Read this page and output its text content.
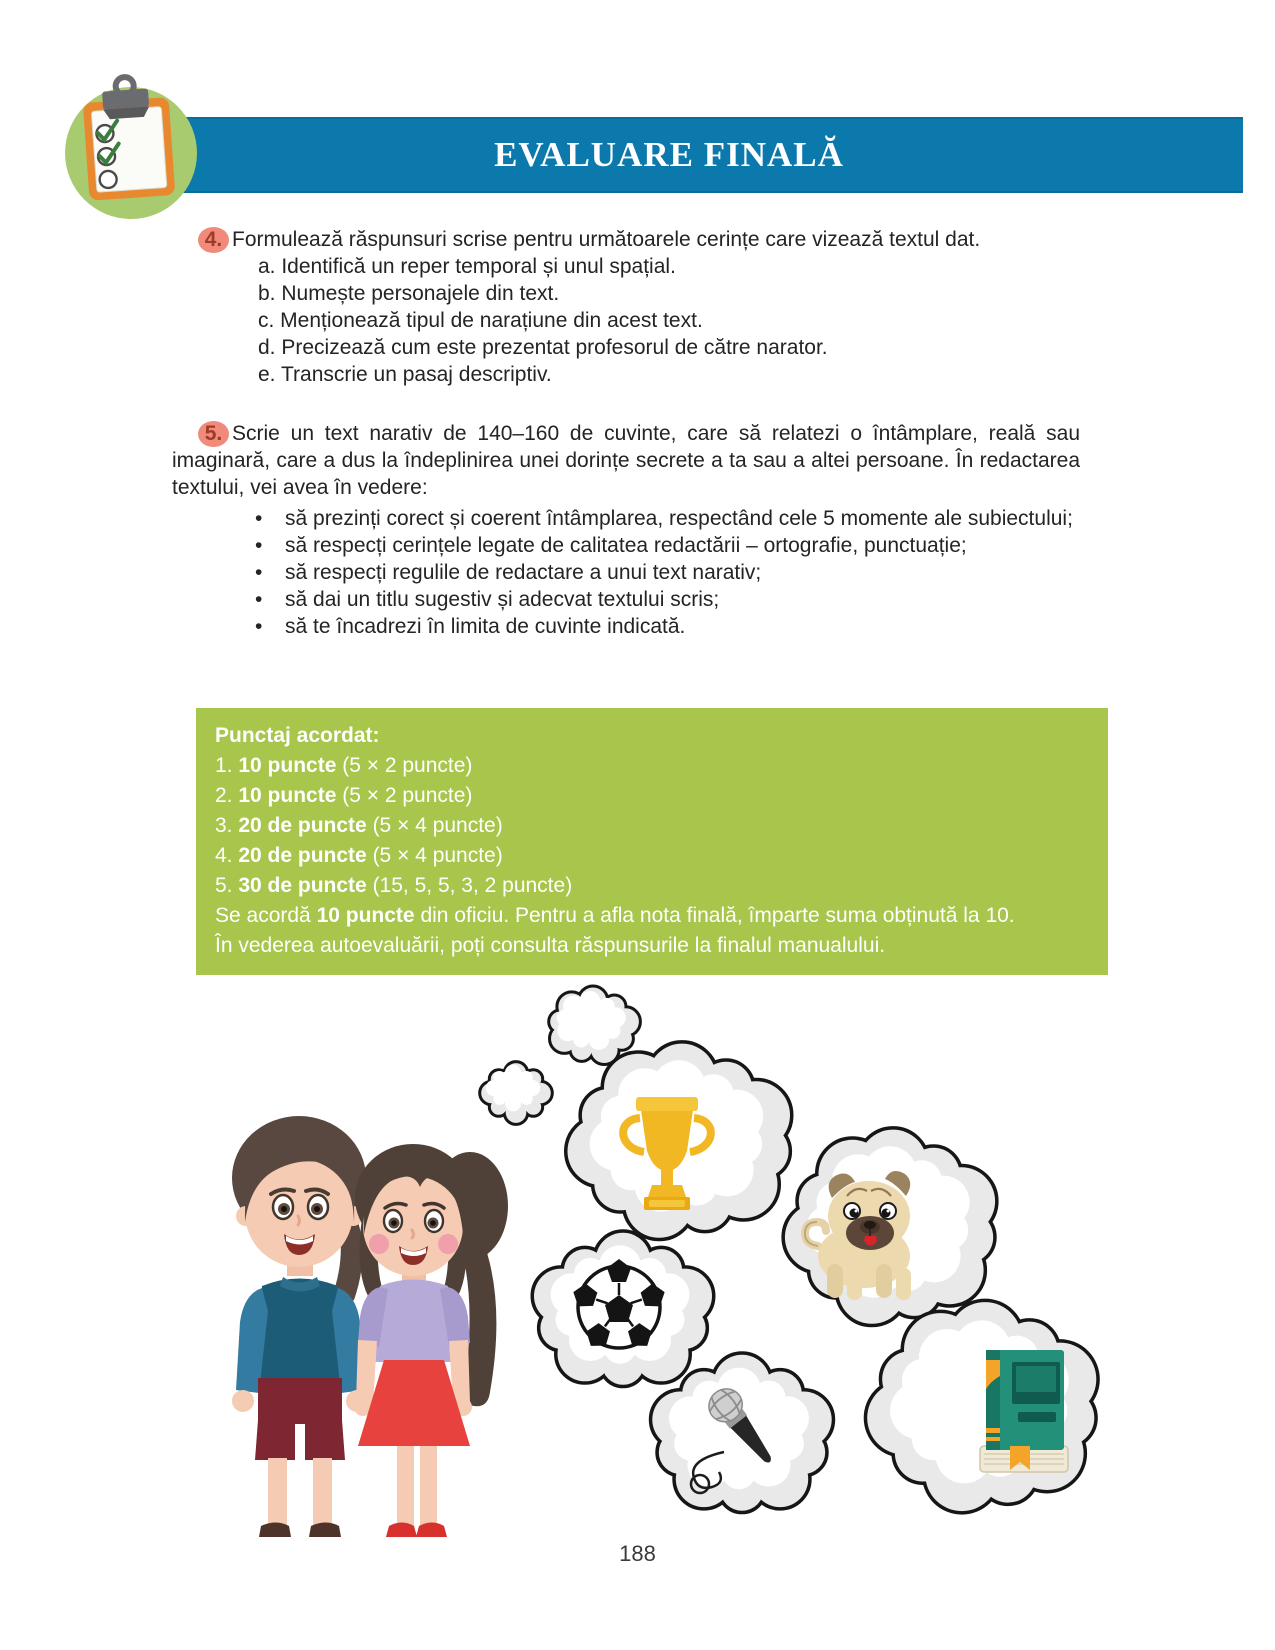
EVALUARE FINALĂ

4. Formulează răspunsuri scrise pentru următoarele cerințe care vizează textul dat.

a. Identifică un reper temporal și unul spațial.

b. Numește personajele din text.

c. Menționează tipul de narațiune din acest text.

d. Precizează cum este prezentat profesorul de către narator.

e. Transcrie un pasaj descriptiv.

5. Scrie un text narativ de 140–160 de cuvinte, care să relatezi o întâmplare, reală sau imaginară, care a dus la îndeplinirea unei dorințe secrete a ta sau a altei persoane. În redactarea textului, vei avea în vedere:

• să prezinți corect și coerent întâmplarea, respectând cele 5 momente ale subiectului;
• să respecți cerințele legate de calitatea redactării – ortografie, punctuație;
• să respecți regulile de redactare a unui text narativ;
• să dai un titlu sugestiv și adecvat textului scris;
• să te încadrezi în limita de cuvinte indicată.

Punctaj acordat:

1. 10 puncte (5 × 2 puncte)

2. 10 puncte (5 × 2 puncte)

3. 20 de puncte (5 × 4 puncte)

4. 20 de puncte (5 × 4 puncte)

5. 30 de puncte (15, 5, 5, 3, 2 puncte)

Se acordă 10 puncte din oficiu. Pentru a afla nota finală, împarte suma obținută la 10.

În vederea autoevaluării, poți consulta răspunsurile la finalul manualului.

188
